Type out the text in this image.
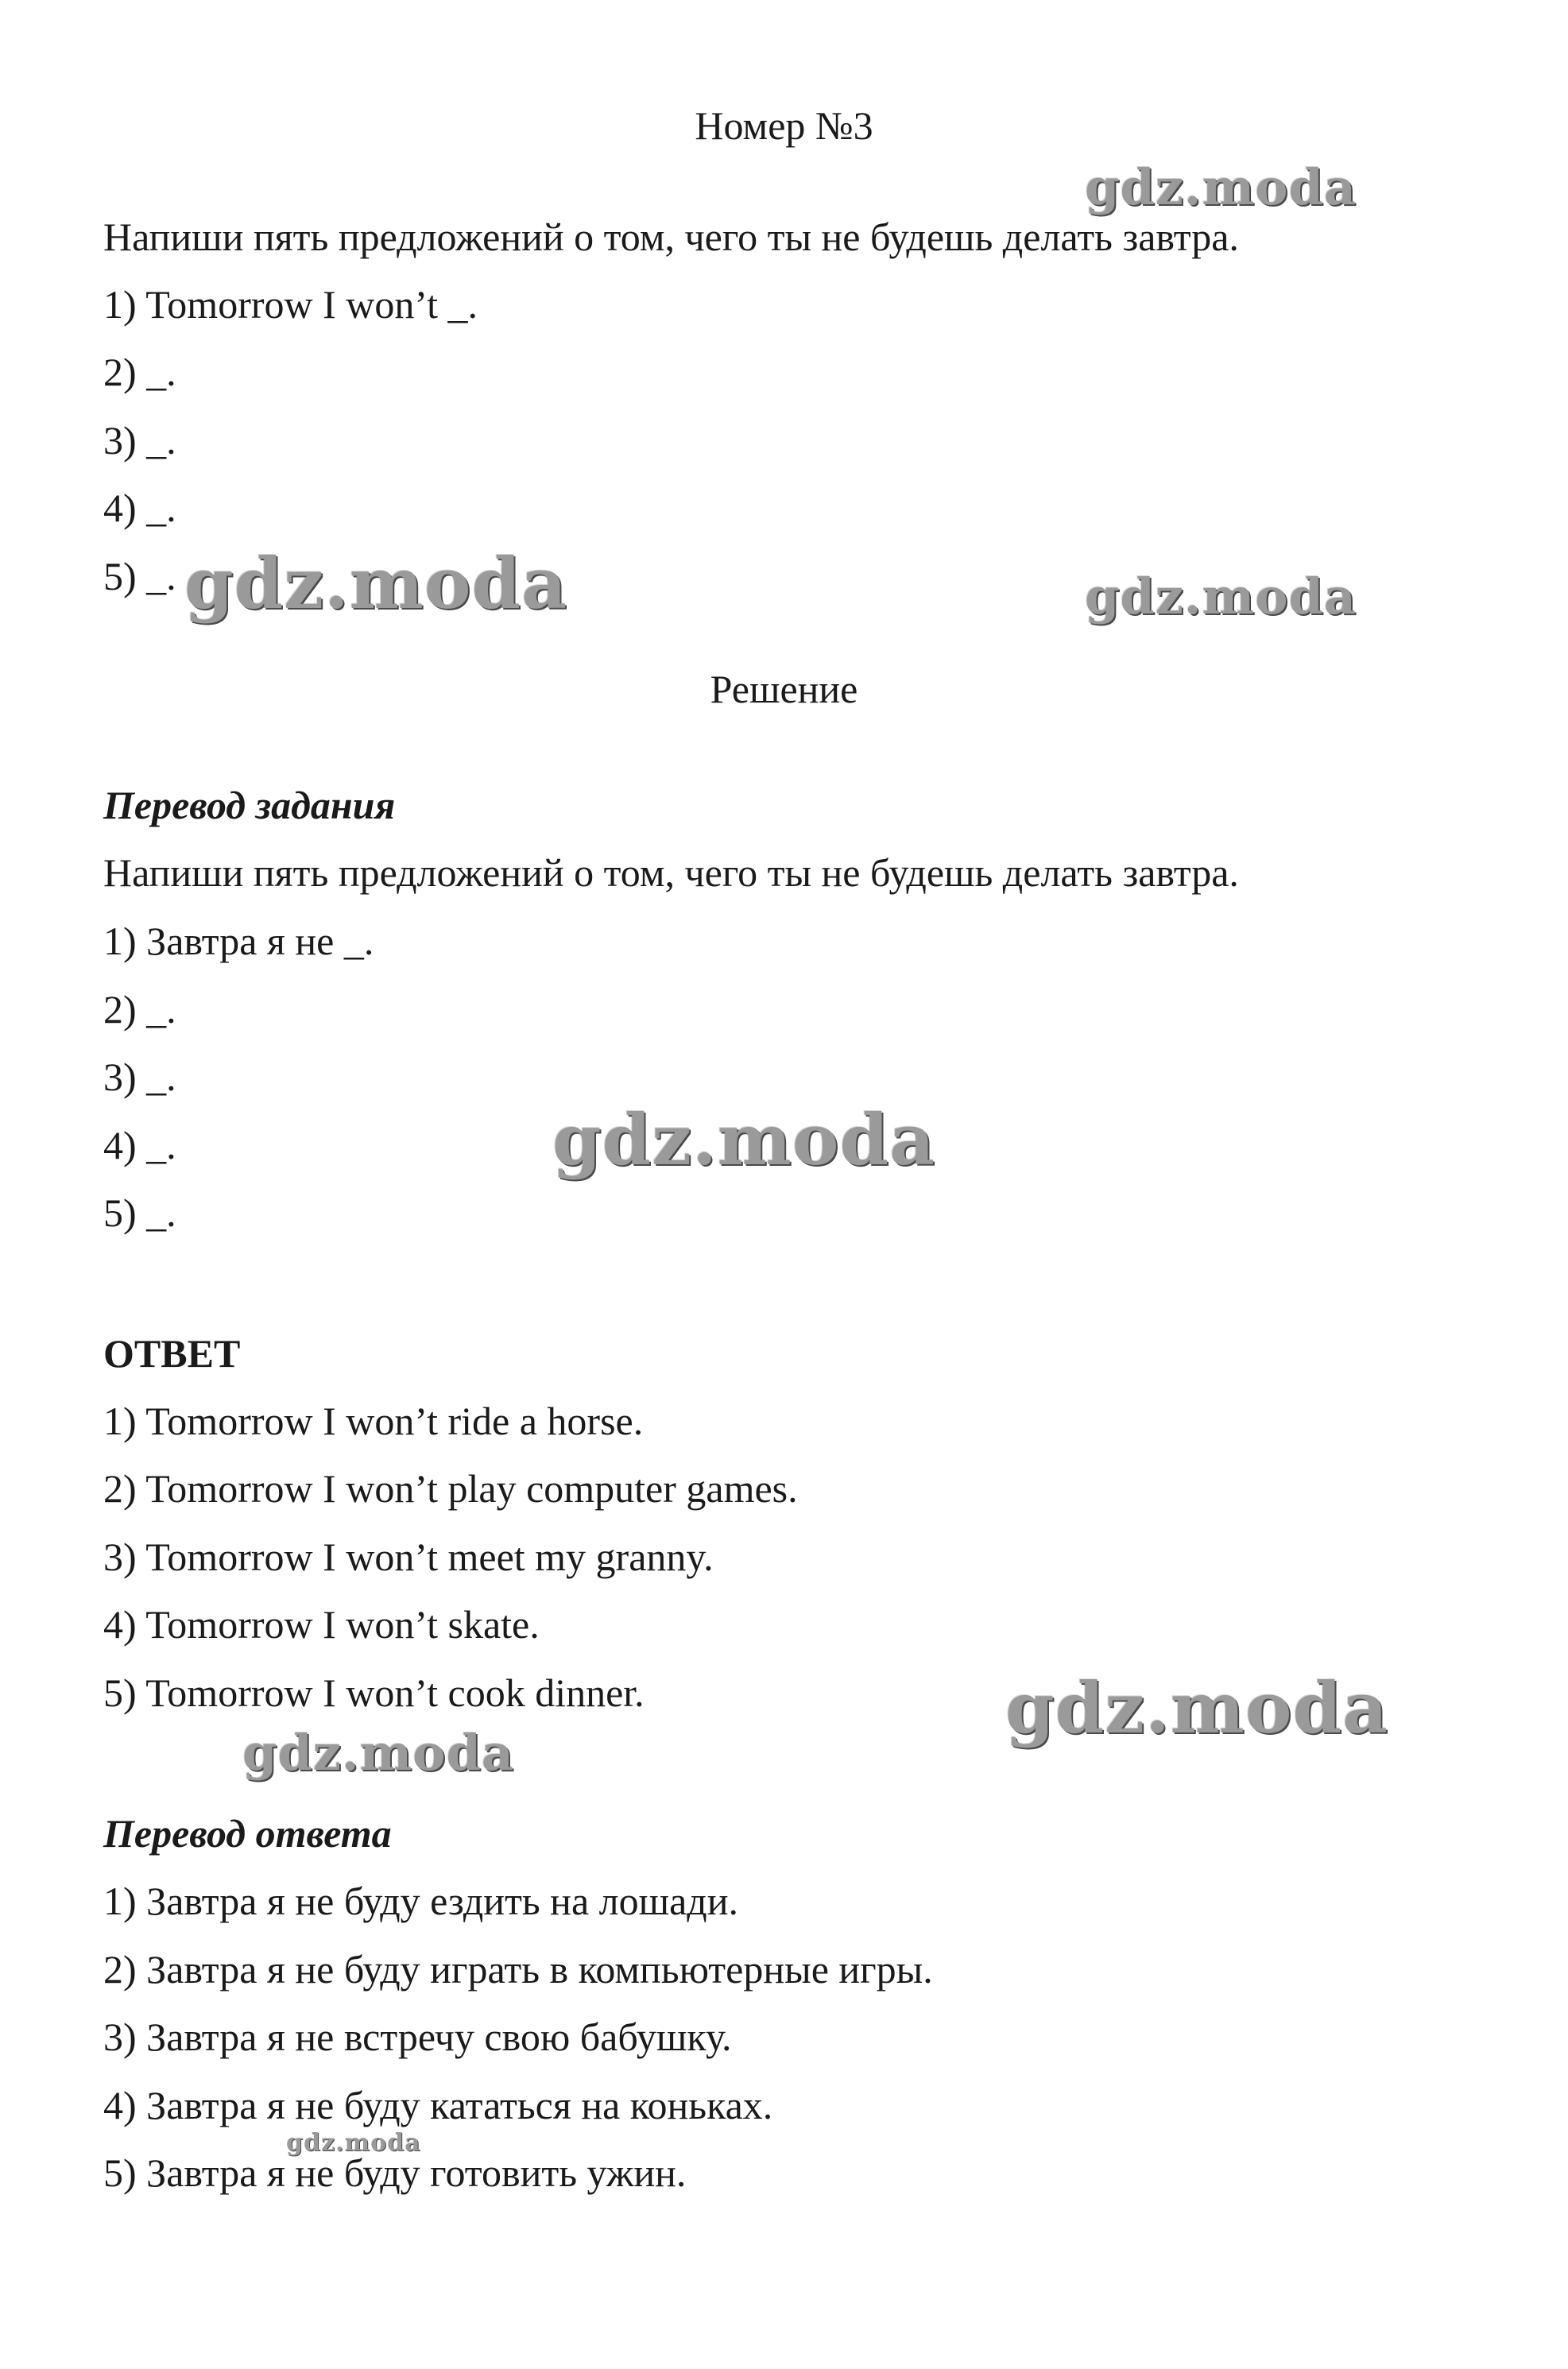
Номер №3
Напиши пять предложений о том, чего ты не будешь делать завтра.
1) Tomorrow I won’t _.
2) _.
3) _.
4) _.
5) _.
Решение
Перевод задания
Напиши пять предложений о том, чего ты не будешь делать завтра.
1) Завтра я не _.
2) _.
3) _.
4) _.
5) _.
ОТВЕТ
1) Tomorrow I won’t ride a horse.
2) Tomorrow I won’t play computer games.
3) Tomorrow I won’t meet my granny.
4) Tomorrow I won’t skate.
5) Tomorrow I won’t cook dinner.
Перевод ответа
1) Завтра я не буду ездить на лошади.
2) Завтра я не буду играть в компьютерные игры.
3) Завтра я не встречу свою бабушку.
4) Завтра я не буду кататься на коньках.
5) Завтра я не буду готовить ужин.
gdz.moda
gdz.moda	gdz.moda
gdz.moda
gdz.moda
gdz.moda
gdz.moda
